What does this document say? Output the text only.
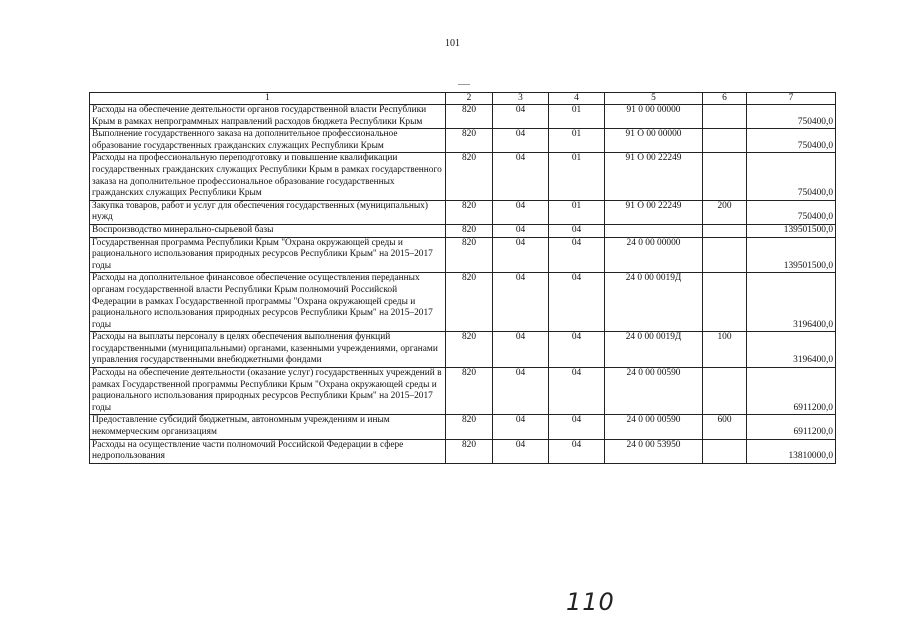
101
1	2	3	4	5	6	7
Расходы на обеспечение деятельности органов государственной власти Республики Крым в рамках непрограммных направлений расходов бюджета Республики Крым	820	04	01	91 0 00 00000		750400,0
Выполнение государственного заказа на дополнительное профессиональное образование государственных гражданских служащих Республики Крым	820	04	01	91 О 00 00000		750400,0
Расходы на профессиональную переподготовку и повышение квалификации государственных гражданских служащих Республики Крым в рамках государственного заказа на дополнительное профессиональное образование государственных гражданских служащих Республики Крым	820	04	01	91 О 00 22249		750400,0
Закупка товаров, работ и услуг для обеспечения государственных (муниципальных) нужд	820	04	01	91 О 00 22249	200	750400,0
Воспроизводство минерально-сырьевой базы	820	04	04			139501500,0
Государственная программа Республики Крым "Охрана окружающей среды и рационального использования природных ресурсов Республики Крым" на 2015–2017 годы	820	04	04	24 0 00 00000		139501500,0
Расходы на дополнительное финансовое обеспечение осуществления переданных органам государственной власти Республики Крым полномочий Российской Федерации в рамках Государственной программы "Охрана окружающей среды и рационального использования природных ресурсов Республики Крым" на 2015–2017 годы	820	04	04	24 0 00 0019Д		3196400,0
Расходы на выплаты персоналу в целях обеспечения выполнения функций государственными (муниципальными) органами, казенными учреждениями, органами управления государственными внебюджетными фондами	820	04	04	24 0 00 0019Д	100	3196400,0
Расходы на обеспечение деятельности (оказание услуг) государственных учреждений в рамках Государственной программы Республики Крым "Охрана окружающей среды и рационального использования природных ресурсов Республики Крым" на 2015–2017 годы	820	04	04	24 0 00 00590		6911200,0
Предоставление субсидий бюджетным, автономным учреждениям и иным некоммерческим организациям	820	04	04	24 0 00 00590	600	6911200,0
Расходы на осуществление части полномочий Российской Федерации в сфере недропользования	820	04	04	24 0 00 53950		13810000,0
110
